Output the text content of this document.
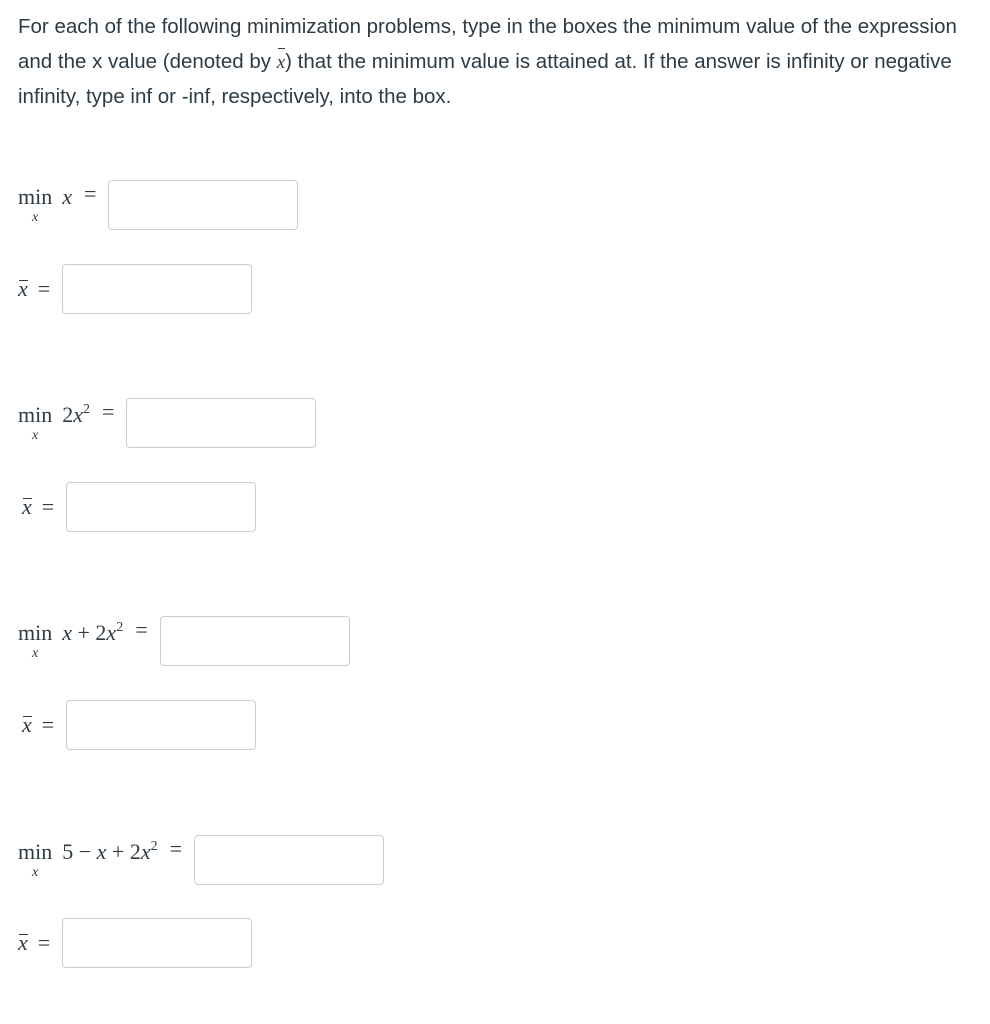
For each of the following minimization problems, type in the boxes the minimum value of the expression and the x value (denoted by x) that the minimum value is attained at. If the answer is infinity or negative infinity, type inf or -inf, respectively, into the box.
min
x
x =
x =
min
x
$2x^2$ =
x =
min
x
$x + 2x^2$ =
x =
min
x
$5 - x + 2x^2$ =
x =
